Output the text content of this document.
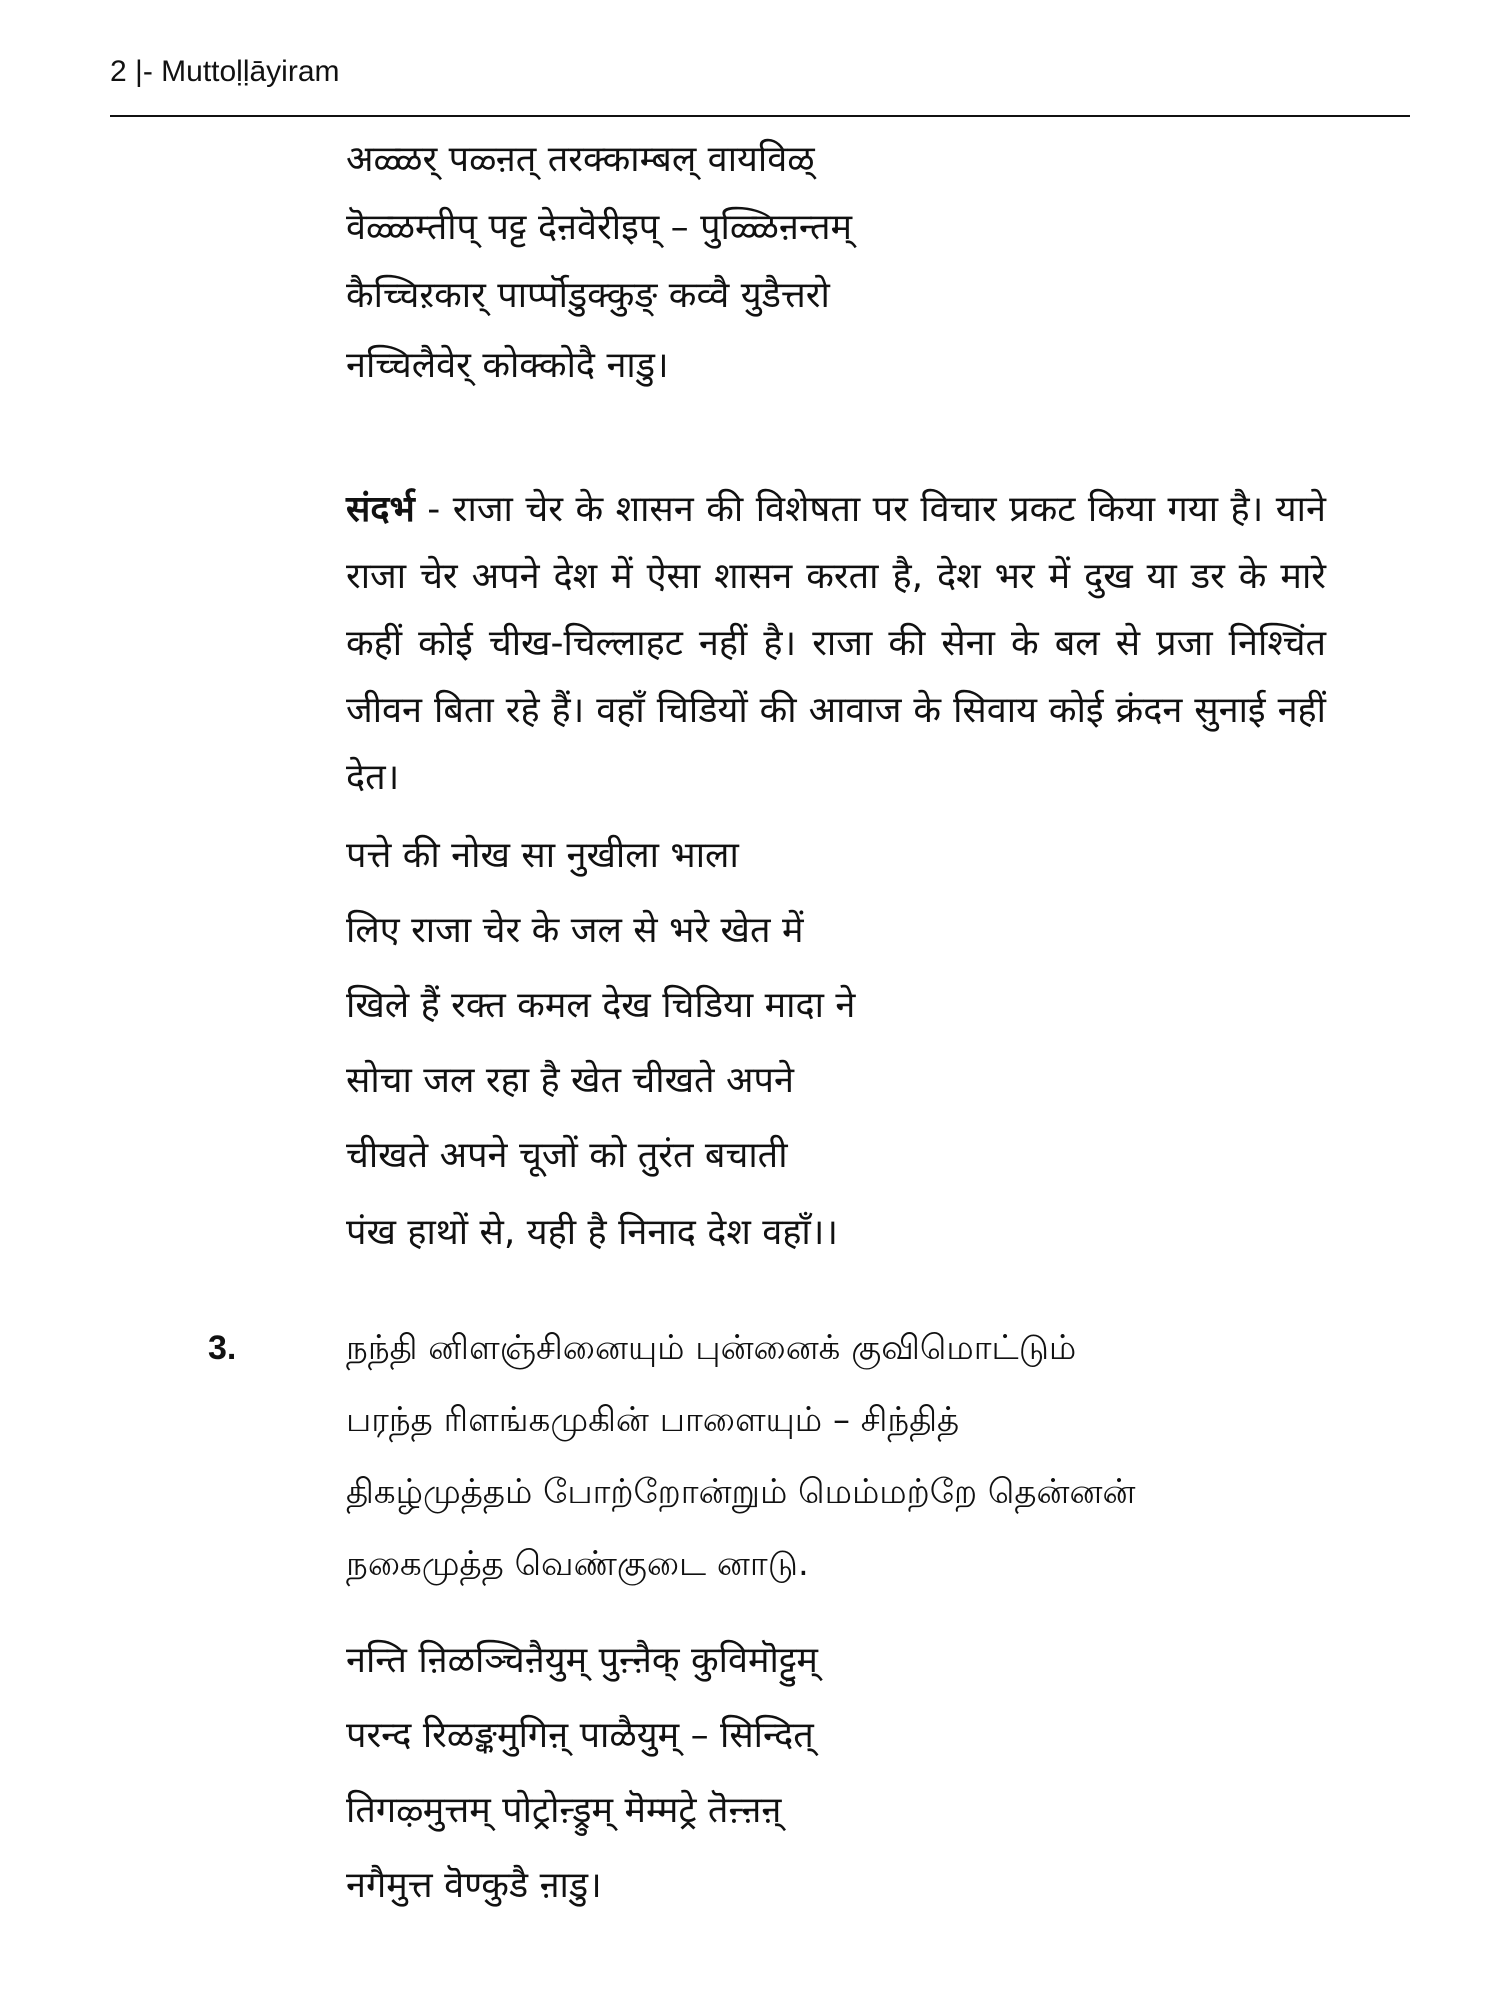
2 |- Muttoḷḷāyiram
अळ्ळर् पळ्ऩत् तरक्काम्बल् वायविळ्
वॆळ्ळम्तीप् पट्ट देऩवॆरीइप् – पुळ्ळिऩन्तम्
कैच्चिऱकार् पार्प्पॊडुक्कुङ् कव्वै युडैत्तरो
नच्चिलैवेर् कोक्कोदै नाडु।
संदर्भ - राजा चेर के शासन की विशेषता पर विचार प्रकट किया गया है। याने राजा चेर अपने देश में ऐसा शासन करता है, देश भर में दुख या डर के मारे कहीं कोई चीख-चिल्लाहट नहीं है। राजा की सेना के बल से प्रजा निश्चिंत जीवन बिता रहे हैं। वहाँ चिडियों की आवाज के सिवाय कोई क्रंदन सुनाई नहीं देत।
पत्ते की नोख सा नुखीला भाला
लिए राजा चेर के जल से भरे खेत में
खिले हैं रक्त कमल देख चिडिया मादा ने
सोचा जल रहा है खेत चीखते अपने
चीखते अपने चूजों को तुरंत बचाती
पंख हाथों से, यही है निनाद देश वहाँ।।
3.	நந்தி னிளஞ்சினையும் புன்னைக் குவிமொட்டும்
பரந்த ரிளங்கமுகின் பாளையும் – சிந்தித்
திகழ்முத்தம் போற்றோன்றும் மெம்மற்றே தென்னன்
நகைமுத்த வெண்குடை னாடு.
नन्ति ऩिळञ्चिऩैयुम् पुऩ्ऩैक् कुविमॊट्टुम्
परन्द रिळङ्कमुगिऩ् पाळैयुम् – सिन्दित्
तिगऴ्मुत्तम् पोट्रोऩ्ड्रुम् मॆम्मट्रे तॆऩ्ऩऩ्
नगैमुत्त वॆण्कुडै ऩाडु।
